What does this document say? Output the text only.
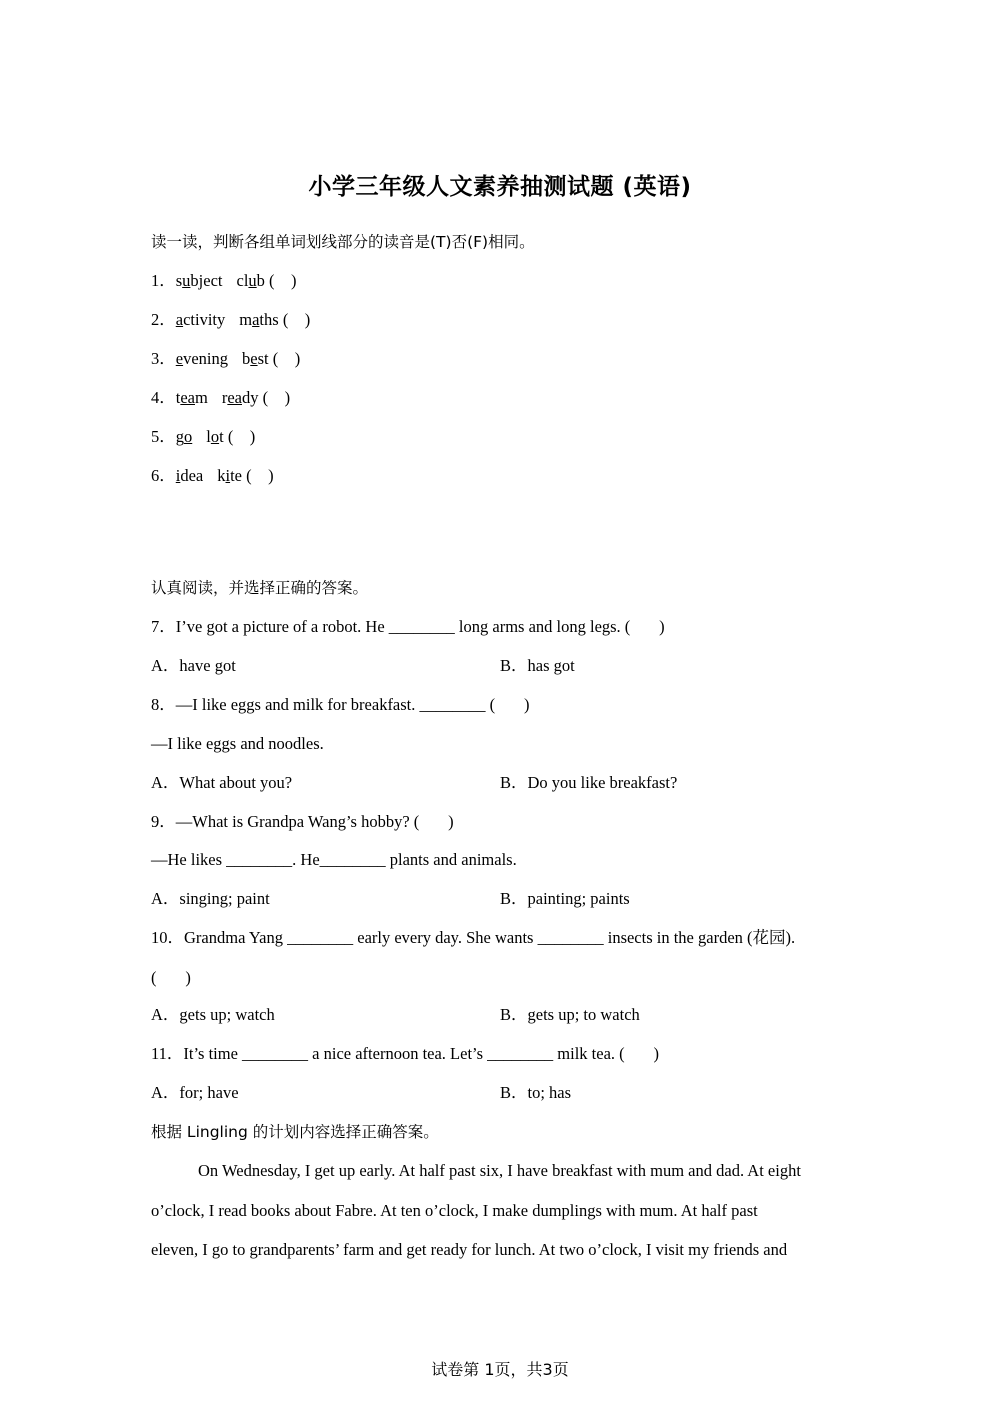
小学三年级人文素养抽测试题 (英语)
读一读，判断各组单词划线部分的读音是(T)否(F)相同。
1．subject club (    )
2．activity maths (    )
3．evening best (    )
4．team ready (    )
5．go lot (    )
6．idea kite (    )
认真阅读，并选择正确的答案。
7．I’ve got a picture of a robot. He ________ long arms and long legs. (       )
A．have got	B．has got
8．—I like eggs and milk for breakfast. ________ (       )
—I like eggs and noodles.
A．What about you?	B．Do you like breakfast?
9．—What is Grandpa Wang’s hobby? (       )
—He likes ________. He________ plants and animals.
A．singing; paint	B．painting; paints
10．Grandma Yang ________ early every day. She wants ________ insects in the garden (花园).
(       )
A．gets up; watch	B．gets up; to watch
11．It’s time ________ a nice afternoon tea. Let’s ________ milk tea. (       )
A．for; have	B．to; has
根据 Lingling 的计划内容选择正确答案。
On Wednesday, I get up early. At half past six, I have breakfast with mum and dad. At eight
o’clock, I read books about Fabre. At ten o’clock, I make dumplings with mum. At half past
eleven, I go to grandparents’ farm and get ready for lunch. At two o’clock, I visit my friends and
试卷第 1页，共3页
